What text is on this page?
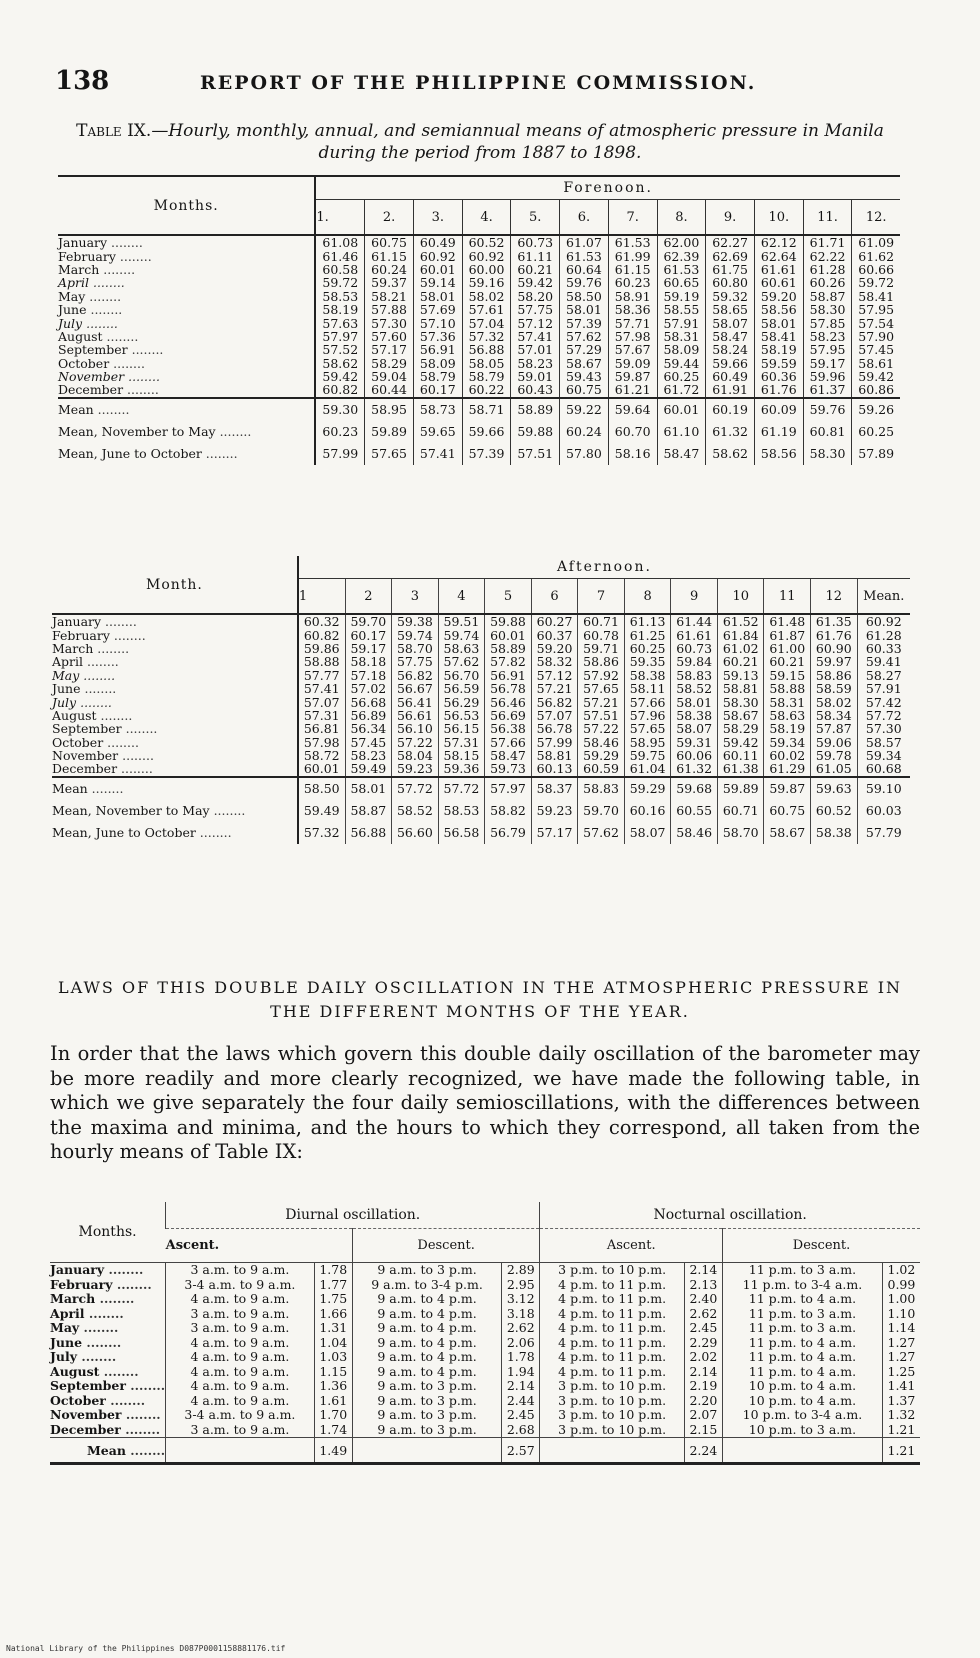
138	REPORT OF THE PHILIPPINE COMMISSION.
Table IX.—Hourly, monthly, annual, and semiannual means of atmospheric pressure in Manila during the period from 1887 to 1898.
Months.	Forenoon.											
	1.	2.	3.	4.	5.	6.	7.	8.	9.	10.	11.	12.
January .....	61.08	60.75	60.49	60.52	60.73	61.07	61.53	62.00	62.27	62.12	61.71	61.09
February .....	61.46	61.15	60.92	60.92	61.11	61.53	61.99	62.39	62.69	62.64	62.22	61.62
March .....	60.58	60.24	60.01	60.00	60.21	60.64	61.15	61.53	61.75	61.61	61.28	60.66
April .....	59.72	59.37	59.14	59.16	59.42	59.76	60.23	60.65	60.80	60.61	60.26	59.72
May .....	58.53	58.21	58.01	58.02	58.20	58.50	58.91	59.19	59.32	59.20	58.87	58.41
June .....	58.19	57.88	57.69	57.61	57.75	58.01	58.36	58.55	58.65	58.56	58.30	57.95
July .....	57.63	57.30	57.10	57.04	57.12	57.39	57.71	57.91	58.07	58.01	57.85	57.54
August .....	57.97	57.60	57.36	57.32	57.41	57.62	57.98	58.31	58.47	58.41	58.23	57.90
September .....	57.52	57.17	56.91	56.88	57.01	57.29	57.67	58.09	58.24	58.19	57.95	57.45
October .....	58.62	58.29	58.09	58.05	58.23	58.67	59.09	59.44	59.66	59.59	59.17	58.61
November .....	59.42	59.04	58.79	58.79	59.01	59.43	59.87	60.25	60.49	60.36	59.96	59.42
December .....	60.82	60.44	60.17	60.22	60.43	60.75	61.21	61.72	61.91	61.76	61.37	60.86
Mean .....	59.30	58.95	58.73	58.71	58.89	59.22	59.64	60.01	60.19	60.09	59.76	59.26
Mean, November to May .....	60.23	59.89	59.65	59.66	59.88	60.24	60.70	61.10	61.32	61.19	60.81	60.25
Mean, June to October .....	57.99	57.65	57.41	57.39	57.51	57.80	58.16	58.47	58.62	58.56	58.30	57.89
Month.	Afternoon.												
	1	2	3	4	5	6	7	8	9	10	11	12	Mean.
January .....	60.32	59.70	59.38	59.51	59.88	60.27	60.71	61.13	61.44	61.52	61.48	61.35	60.92
February .....	60.82	60.17	59.74	59.74	60.01	60.37	60.78	61.25	61.61	61.84	61.87	61.76	61.28
March .....	59.86	59.17	58.70	58.63	58.89	59.20	59.71	60.25	60.73	61.02	61.00	60.90	60.33
April .....	58.88	58.18	57.75	57.62	57.82	58.32	58.86	59.35	59.84	60.21	60.21	59.97	59.41
May .....	57.77	57.18	56.82	56.70	56.91	57.12	57.92	58.38	58.83	59.13	59.15	58.86	58.27
June .....	57.41	57.02	56.67	56.59	56.78	57.21	57.65	58.11	58.52	58.81	58.88	58.59	57.91
July .....	57.07	56.68	56.41	56.29	56.46	56.82	57.21	57.66	58.01	58.30	58.31	58.02	57.42
August .....	57.31	56.89	56.61	56.53	56.69	57.07	57.51	57.96	58.38	58.67	58.63	58.34	57.72
September .....	56.81	56.34	56.10	56.15	56.38	56.78	57.22	57.65	58.07	58.29	58.19	57.87	57.30
October .....	57.98	57.45	57.22	57.31	57.66	57.99	58.46	58.95	59.31	59.42	59.34	59.06	58.57
November .....	58.72	58.23	58.04	58.15	58.47	58.81	59.29	59.75	60.06	60.11	60.02	59.78	59.34
December .....	60.01	59.49	59.23	59.36	59.73	60.13	60.59	61.04	61.32	61.38	61.29	61.05	60.68
Mean .....	58.50	58.01	57.72	57.72	57.97	58.37	58.83	59.29	59.68	59.89	59.87	59.63	59.10
Mean, November to May .....	59.49	58.87	58.52	58.53	58.82	59.23	59.70	60.16	60.55	60.71	60.75	60.52	60.03
Mean, June to October .....	57.32	56.88	56.60	56.58	56.79	57.17	57.62	58.07	58.46	58.70	58.67	58.38	57.79
LAWS OF THIS DOUBLE DAILY OSCILLATION IN THE ATMOSPHERIC PRESSURE IN THE DIFFERENT MONTHS OF THE YEAR.
In order that the laws which govern this double daily oscillation of the barometer may be more readily and more clearly recognized, we have made the following table, in which we give separately the four daily semioscillations, with the differences between the maxima and minima, and the hours to which they correspond, all taken from the hourly means of Table IX:
Months.	Diurnal oscillation.				Nocturnal oscillation.			
	Ascent.		Descent.		Ascent.		Descent.	
January .....	3 a.m. to 9 a.m.	1.78	9 a.m. to 3 p.m.	2.89	3 p.m. to 10 p.m.	2.14	11 p.m. to 3 a.m.	1.02
February .....	3-4 a.m. to 9 a.m.	1.77	9 a.m. to 3-4 p.m.	2.95	4 p.m. to 11 p.m.	2.13	11 p.m. to 3-4 a.m.	0.99
March .....	4 a.m. to 9 a.m.	1.75	9 a.m. to 4 p.m.	3.12	4 p.m. to 11 p.m.	2.40	11 p.m. to 4 a.m.	1.00
April .....	3 a.m. to 9 a.m.	1.66	9 a.m. to 4 p.m.	3.18	4 p.m. to 11 p.m.	2.62	11 p.m. to 3 a.m.	1.10
May .....	3 a.m. to 9 a.m.	1.31	9 a.m. to 4 p.m.	2.62	4 p.m. to 11 p.m.	2.45	11 p.m. to 3 a.m.	1.14
June .....	4 a.m. to 9 a.m.	1.04	9 a.m. to 4 p.m.	2.06	4 p.m. to 11 p.m.	2.29	11 p.m. to 4 a.m.	1.27
July .....	4 a.m. to 9 a.m.	1.03	9 a.m. to 4 p.m.	1.78	4 p.m. to 11 p.m.	2.02	11 p.m. to 4 a.m.	1.27
August .....	4 a.m. to 9 a.m.	1.15	9 a.m. to 4 p.m.	1.94	4 p.m. to 11 p.m.	2.14	11 p.m. to 4 a.m.	1.25
September .....	4 a.m. to 9 a.m.	1.36	9 a.m. to 3 p.m.	2.14	3 p.m. to 10 p.m.	2.19	10 p.m. to 4 a.m.	1.41
October .....	4 a.m. to 9 a.m.	1.61	9 a.m. to 3 p.m.	2.44	3 p.m. to 10 p.m.	2.20	10 p.m. to 4 a.m.	1.37
November .....	3-4 a.m. to 9 a.m.	1.70	9 a.m. to 3 p.m.	2.45	3 p.m. to 10 p.m.	2.07	10 p.m. to 3-4 a.m.	1.32
December .....	3 a.m. to 9 a.m.	1.74	9 a.m. to 3 p.m.	2.68	3 p.m. to 10 p.m.	2.15	10 p.m. to 3 a.m.	1.21
Mean .....		1.49		2.57		2.24		1.21
National Library of the Philippines D087P0001158881176.tif
